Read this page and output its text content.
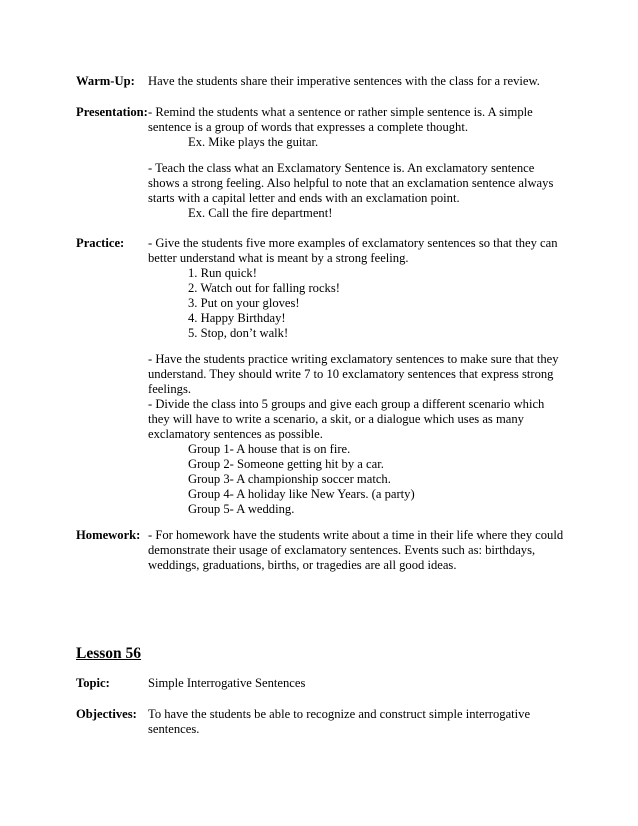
Warm-Up: Have the students share their imperative sentences with the class for a review.
Presentation: - Remind the students what a sentence or rather simple sentence is. A simple
sentence is a group of words that expresses a complete thought.
Ex. Mike plays the guitar.
- Teach the class what an Exclamatory Sentence is. An exclamatory sentence
shows a strong feeling. Also helpful to note that an exclamation sentence always
starts with a capital letter and ends with an exclamation point.
Ex. Call the fire department!
Practice: - Give the students five more examples of exclamatory sentences so that they can
better understand what is meant by a strong feeling.
1. Run quick!
2. Watch out for falling rocks!
3. Put on your gloves!
4. Happy Birthday!
5. Stop, don’t walk!
- Have the students practice writing exclamatory sentences to make sure that they
understand. They should write 7 to 10 exclamatory sentences that express strong
feelings.
- Divide the class into 5 groups and give each group a different scenario which
they will have to write a scenario, a skit, or a dialogue which uses as many
exclamatory sentences as possible.
Group 1- A house that is on fire.
Group 2- Someone getting hit by a car.
Group 3- A championship soccer match.
Group 4- A holiday like New Years. (a party)
Group 5- A wedding.
Homework: - For homework have the students write about a time in their life where they could
demonstrate their usage of exclamatory sentences. Events such as: birthdays,
weddings, graduations, births, or tragedies are all good ideas.
Lesson 56
Topic:	Simple Interrogative Sentences
Objectives: To have the students be able to recognize and construct simple interrogative
sentences.
